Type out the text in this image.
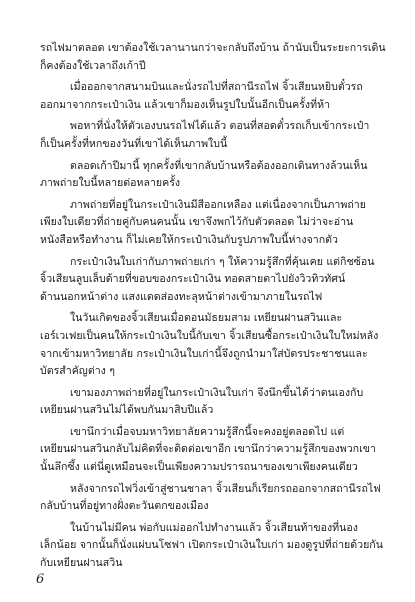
รถไฟมาตลอด เขาต้องใช้เวลานานกว่าจะกลับถึงบ้าน ถ้านับเป็นระยะการเดิน
ก็คงต้องใช้เวลาถึงเก้าปี

เมื่อออกจากสนามบินและนั่งรถไปที่สถานีรถไฟ จิ้วเสียนหยิบตั๋วรถ
ออกมาจากกระเป๋าเงิน แล้วเขาก็มองเห็นรูปใบนั้นอีกเป็นครั้งที่ห้า

พอหาที่นั่งให้ตัวเองบนรถไฟได้แล้ว ตอนที่สอดตั๋วรถเก็บเข้ากระเป๋า
ก็เป็นครั้งที่หกของวันที่เขาได้เห็นภาพใบนี้

ตลอดเก้าปีมานี้ ทุกครั้งที่เขากลับบ้านหรือต้องออกเดินทางล้วนเห็น
ภาพถ่ายใบนี้หลายต่อหลายครั้ง

ภาพถ่ายที่อยู่ในกระเป๋าเงินมีสีออกเหลือง แต่เนื่องจากเป็นภาพถ่าย
เพียงใบเดียวที่ถ่ายคู่กับคนคนนั้น เขาจึงพกไว้กับตัวตลอด ไม่ว่าจะอ่าน
หนังสือหรือทำงาน ก็ไม่เคยให้กระเป๋าเงินกับรูปภาพใบนี้ห่างจากตัว

กระเป๋าเงินใบเก่ากับภาพถ่ายเก่า ๆ ให้ความรู้สึกที่คุ้นเคย แต่กิชซ้อน
จิ้วเสียนลูบเล็บด้ายที่ขอบของกระเป๋าเงิน ทอดสายตาไปยังวิวทิวทัศน์
ด้านนอกหน้าต่าง แสงแดดส่องทะลุหน้าต่างเข้ามาภายในรถไฟ

ในวันเกิดของจิ้วเสียนเมื่อตอนมัธยมสาม เหยียนฝานสวินและ
เอร์เวเฟยเป็นคนให้กระเป๋าเงินใบนี้กับเขา จิ้วเสียนซื้อกระเป๋าเงินใบใหม่หลัง
จากเข้ามหาวิทยาลัย กระเป๋าเงินใบเก่านี้จึงถูกนำมาใส่บัตรประชาชนและ
บัตรสำคัญต่าง ๆ

เขามองภาพถ่ายที่อยู่ในกระเป๋าเงินใบเก่า จึงนึกขึ้นได้ว่าตนเองกับ
เหยียนฝานสวินไม่ได้พบกันมาสิบปีแล้ว

เขานึกว่าเมื่อจบมหาวิทยาลัยความรู้สึกนี้จะคงอยู่ตลอดไป แต่
เหยียนฝานสวินกลับไม่คิดที่จะติดต่อเขาอีก เขานึกว่าความรู้สึกของพวกเขา
นั้นลึกซึ้ง แต่นี่ดูเหมือนจะเป็นเพียงความปรารถนาของเขาเพียงคนเดียว

หลังจากรถไฟวิ่งเข้าสู่ชานชาลา จิ้วเสียนก็เรียกรถออกจากสถานีรถไฟ
กลับบ้านที่อยู่ทางฝั่งตะวันตกของเมือง

ในบ้านไม่มีคน พ่อกับแม่ออกไปทำงานแล้ว จิ้วเสียนท้าของที่นอง
เล็กน้อย จากนั้นก็นั่งแผ่บนโซฟา เปิดกระเป๋าเงินใบเก่า มองดูรูปที่ถ่ายด้วยกัน
กับเหยียนฝานสวิน

6
